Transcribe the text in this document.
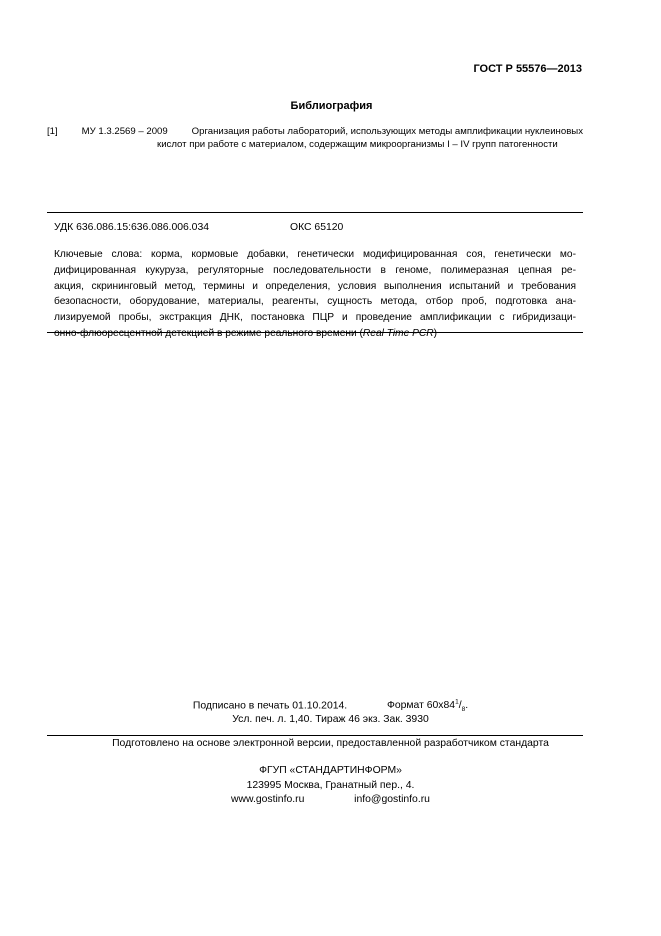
ГОСТ Р 55576—2013
Библиография
[1] МУ 1.3.2569 – 2009 Организация работы лабораторий, использующих методы амплификации нуклеиновых
кислот при работе с материалом, содержащим микроорганизмы I – IV групп патогенности
УДК 636.086.15:636.086.006.034	ОКС 65120
Ключевые слова: корма, кормовые добавки, генетически модифицированная соя, генетически мо-
дифицированная кукуруза, регуляторные последовательности в геноме, полимеразная цепная ре-
акция, скрининговый метод, термины и определения, условия выполнения испытаний и требования
безопасности, оборудование, материалы, реагенты, сущность метода, отбор проб, подготовка ана-
лизируемой пробы, экстракция ДНК, постановка ПЦР и проведение амплификации с гибридизаци-
онно-флюоресцентной детекцией в режиме реального времени (Real Time PCR)
Подписано в печать 01.10.2014.	Формат $60x84^1/_8$.
Усл. печ. л. 1,40. Тираж 46 экз. Зак. 3930
Подготовлено на основе электронной версии, предоставленной разработчиком стандарта
ФГУП «СТАНДАРТИНФОРМ»
123995 Москва, Гранатный пер., 4.
www.gostinfo.ru	info@gostinfo.ru
